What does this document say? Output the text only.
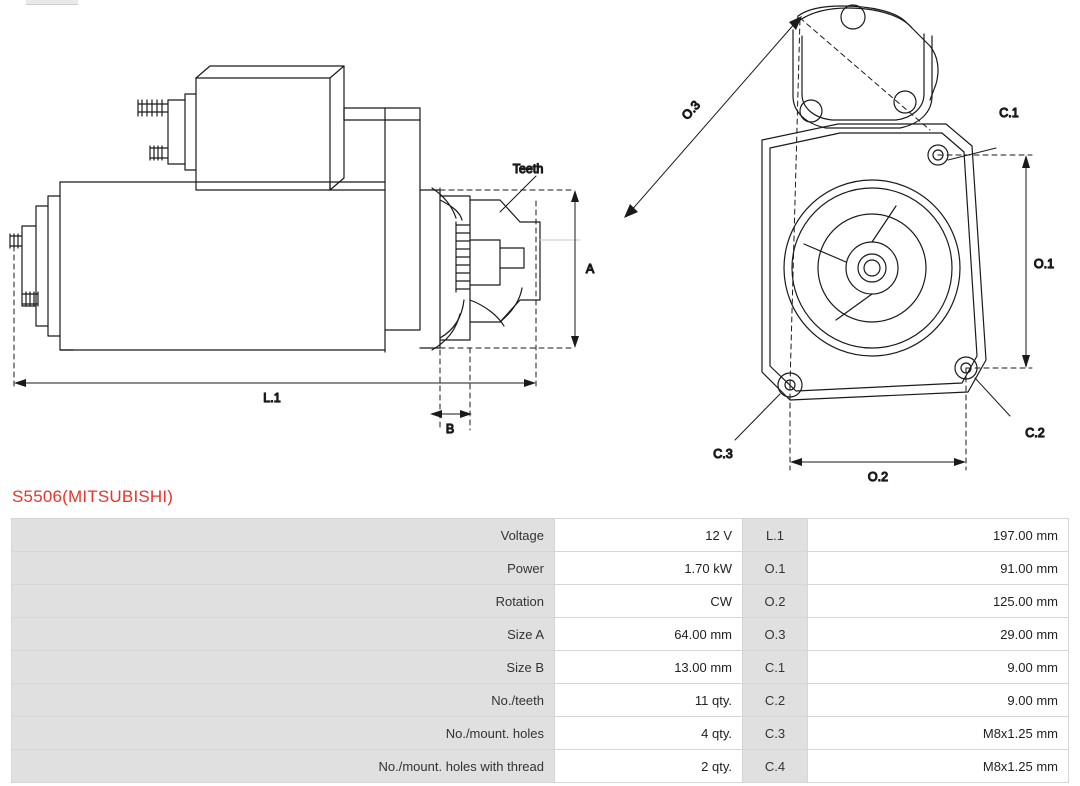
Teeth
A
L.1
B
O.1
O.2
O.3	C.1
C.2
C.3
S5506(MITSUBISHI)
Voltage	12 V	L.1	197.00 mm
Power	1.70 kW	O.1	91.00 mm
Rotation	CW	O.2	125.00 mm
Size A	64.00 mm	O.3	29.00 mm
Size B	13.00 mm	C.1	9.00 mm
No./teeth	11 qty.	C.2	9.00 mm
No./mount. holes	4 qty.	C.3	M8x1.25 mm
No./mount. holes with thread	2 qty.	C.4	M8x1.25 mm
